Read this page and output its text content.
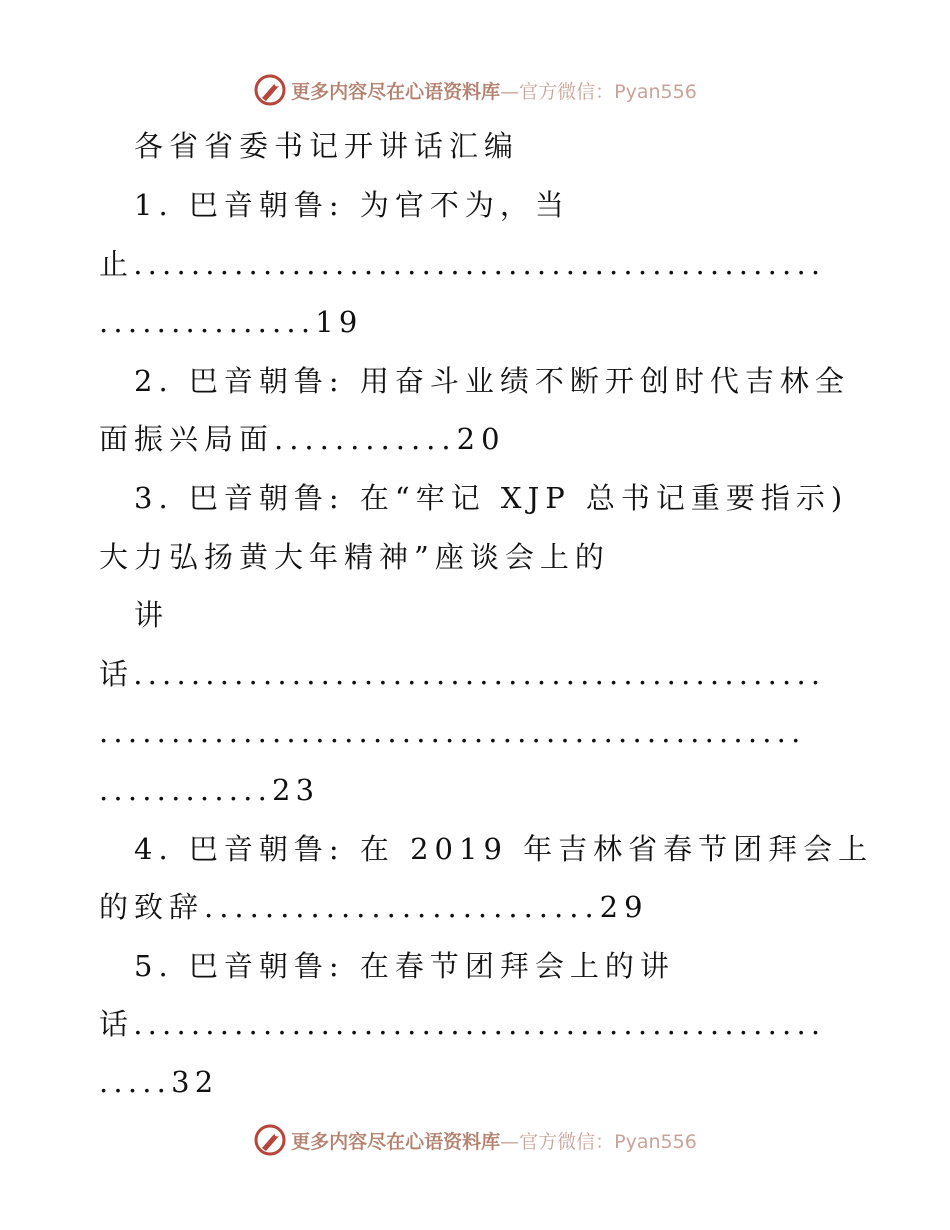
更多内容尽在心语资料库—官方微信：Pyan556
各省省委书记开讲话汇编
1. 巴音朝鲁: 为官不为，当
止................................................
...............19
2. 巴音朝鲁: 用奋斗业绩不断开创时代吉林全
面振兴局面............20
3. 巴音朝鲁: 在“牢记 XJP 总书记重要指示)
大力弘扬黄大年精神”座谈会上的
讲
话................................................
.................................................
............23
4. 巴音朝鲁: 在 2019 年吉林省春节团拜会上
的致辞..........................29
5. 巴音朝鲁: 在春节团拜会上的讲
话................................................
.....32
更多内容尽在心语资料库—官方微信：Pyan556
